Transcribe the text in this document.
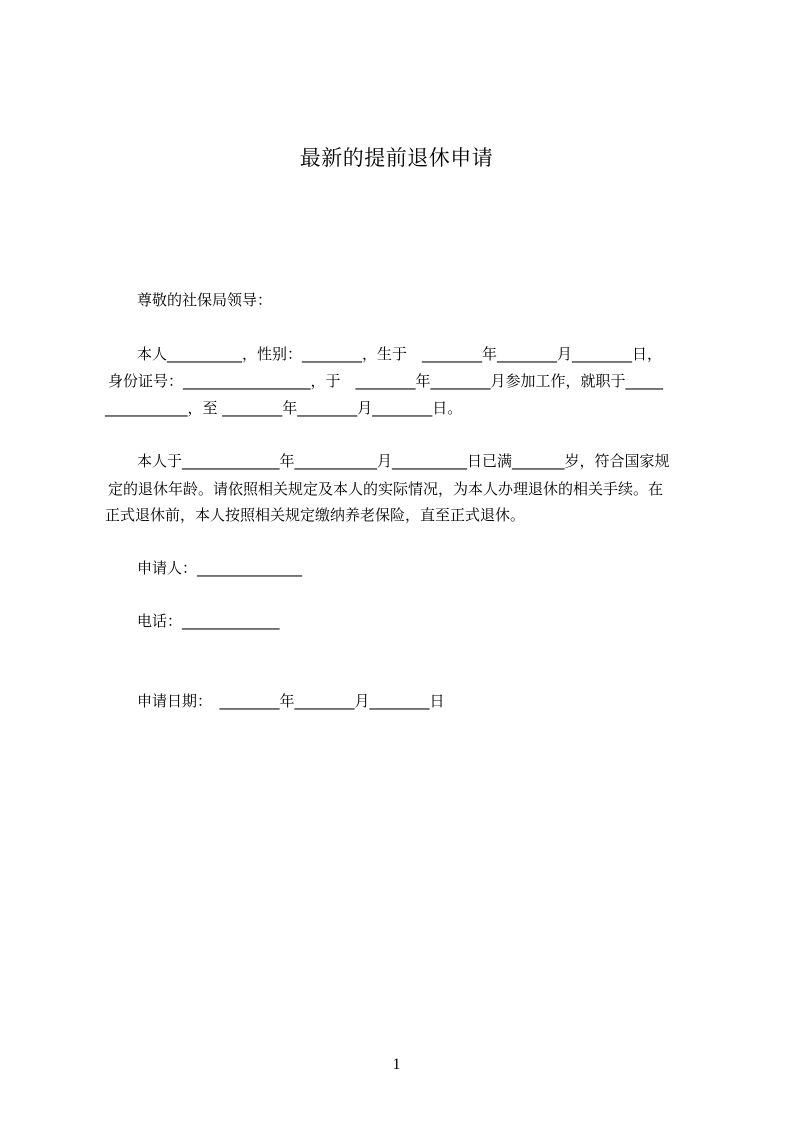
最新的提前退休申请
尊敬的社保局领导：
本人__________，性别：________，生于　________年________月________日，
身份证号：_________________，于　________年________月参加工作，就职于_____
___________，至 ________年________月________日。
本人于_____________年___________月__________日已满_______岁，符合国家规
定的退休年龄。请依照相关规定及本人的实际情况，为本人办理退休的相关手续。在
正式退休前，本人按照相关规定缴纳养老保险，直至正式退休。
申请人：______________
电话：_____________
申请日期：　________年________月________日
1
